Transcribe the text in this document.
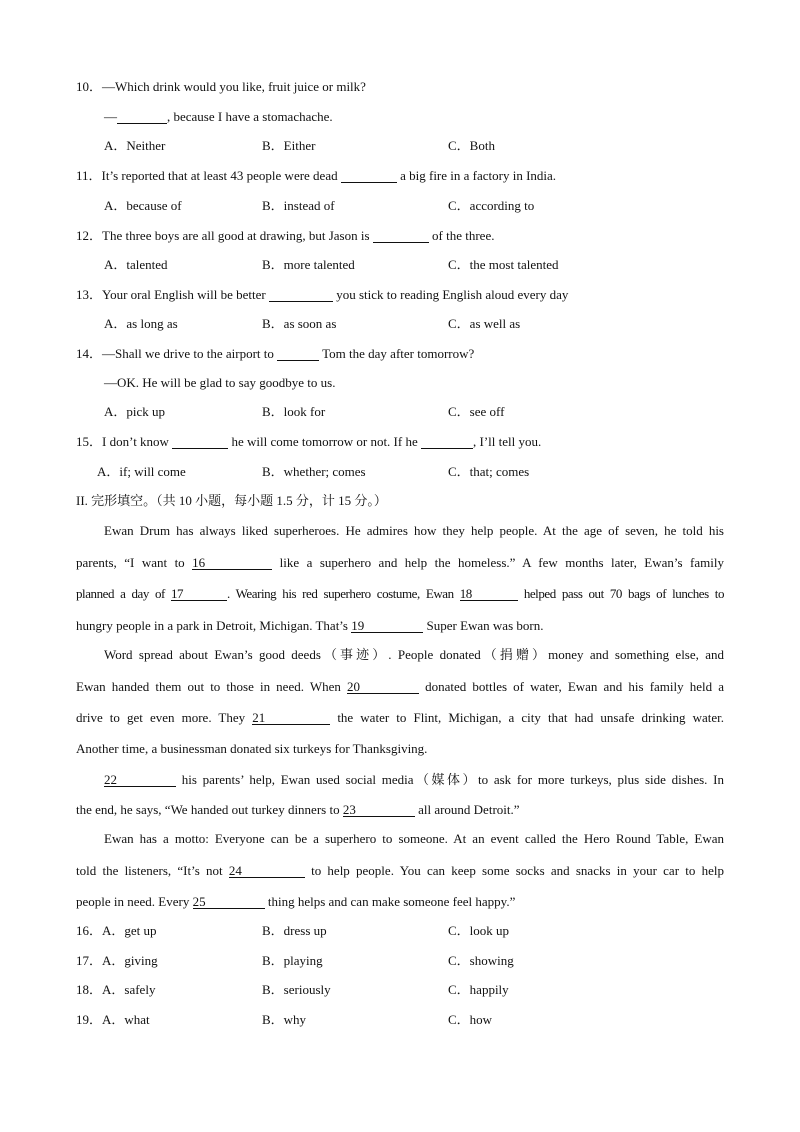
10．—Which drink would you like, fruit juice or milk?
—	, because I have a stomachache.
A．Neither	B．Either	C．Both
11．It’s reported that at least 43 people were dead	a big fire in a factory in India.
A．because of	B．instead of	C．according to
12．The three boys are all good at drawing, but Jason is	of the three.
A．talented	B．more talented	C．the most talented
13．Your oral English will be better	you stick to reading English aloud every day
A．as long as	B．as soon as	C．as well as
14．—Shall we drive to the airport to	Tom the day after tomorrow?
—OK. He will be glad to say goodbye to us.
A．pick up	B．look for	C．see off
15．I don’t know	he will come tomorrow or not. If he	, I’ll tell you.
A．if; will come	B．whether; comes	C．that; comes
II. 完形填空。（共 10 小题，每小题 1.5 分，计 15 分。）
Ewan Drum has always liked superheroes. He admires how they help people. At the age of seven, he told his
parents, “I want to 16	like a superhero and help the homeless.” A few months later, Ewan’s family
planned a day of 17	. Wearing his red superhero costume, Ewan 18	helped pass out 70 bags of lunches to
hungry people in a park in Detroit, Michigan. That’s 19	Super Ewan was born.
Word spread about Ewan’s good deeds（事迹）. People donated（捐赠）money and something else, and
Ewan handed them out to those in need. When 20	donated bottles of water, Ewan and his family held a
drive to get even more. They 21	the water to Flint, Michigan, a city that had unsafe drinking water.
Another time, a businessman donated six turkeys for Thanksgiving.
22	his parents’ help, Ewan used social media（媒体）to ask for more turkeys, plus side dishes. In
the end, he says, “We handed out turkey dinners to 23	all around Detroit.”
Ewan has a motto: Everyone can be a superhero to someone. At an event called the Hero Round Table, Ewan
told the listeners, “It’s not 24	to help people. You can keep some socks and snacks in your car to help
people in need. Every 25	thing helps and can make someone feel happy.”
16．A．get up	B．dress up	C．look up
17．A．giving	B．playing	C．showing
18．A．safely	B．seriously	C．happily
19．A．what	B．why	C．how
